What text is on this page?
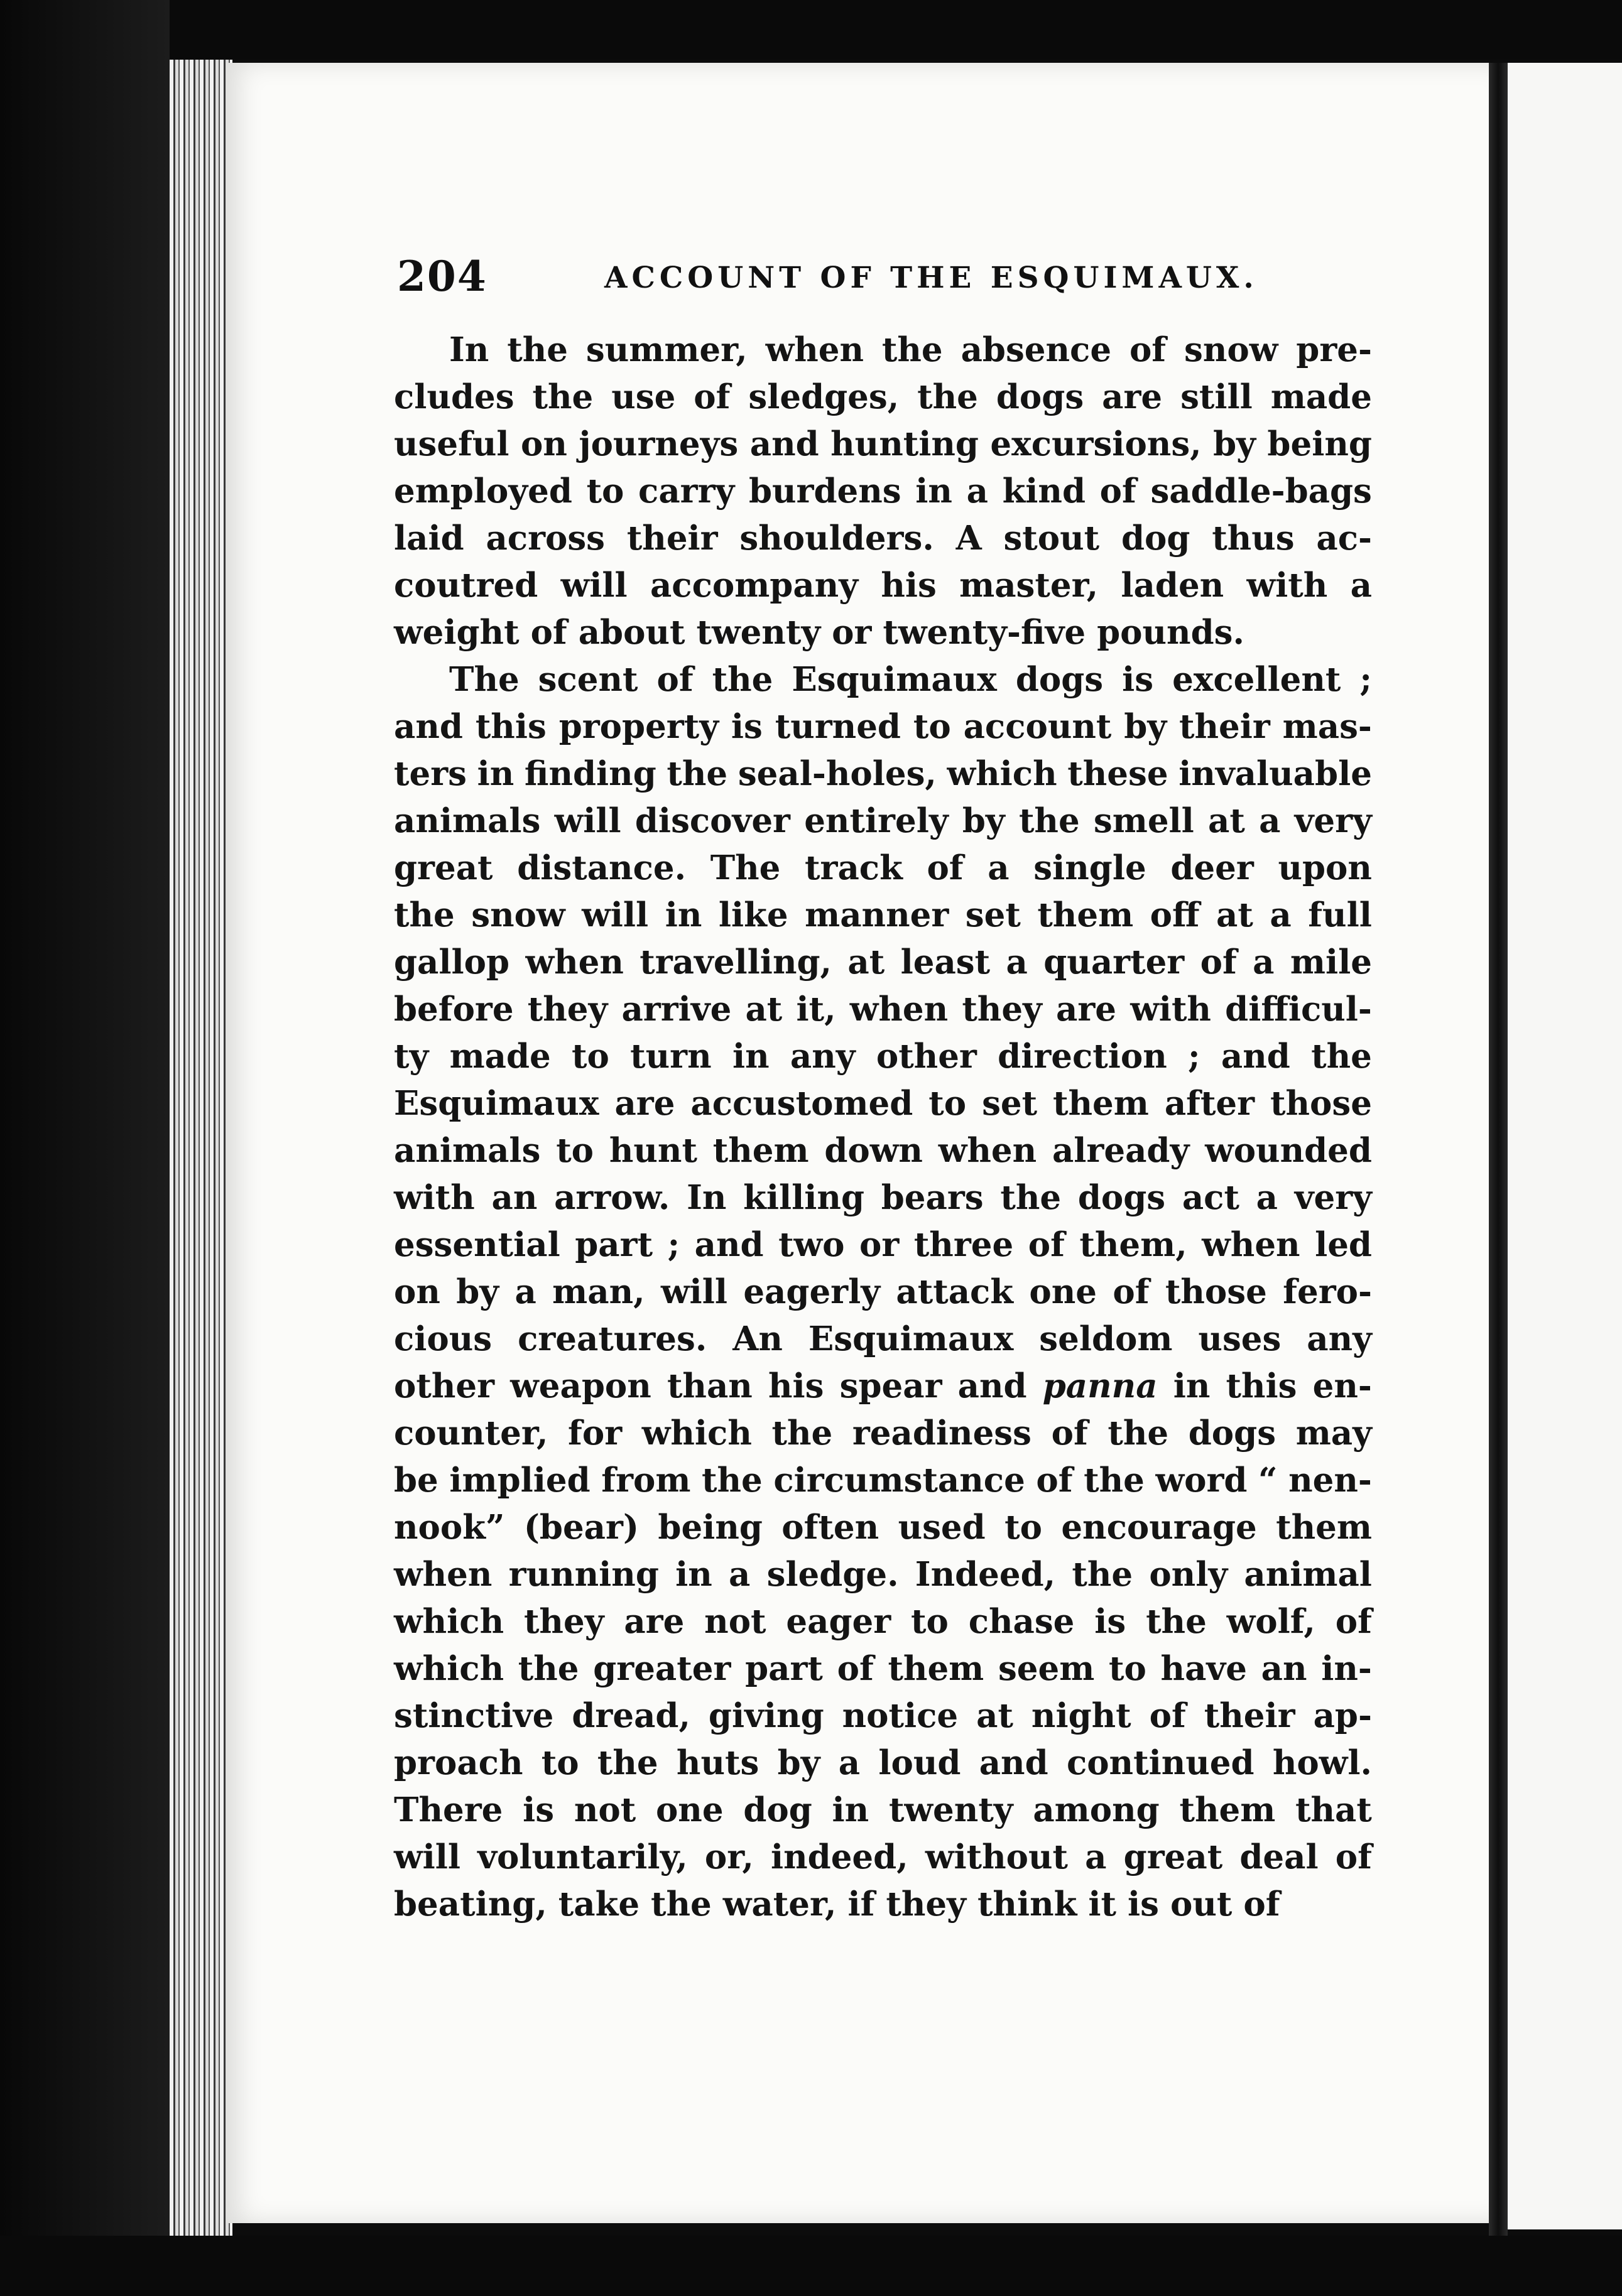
204	ACCOUNT OF THE ESQUIMAUX.
In the summer, when the absence of snow pre-
cludes the use of sledges, the dogs are still made
useful on journeys and hunting excursions, by being
employed to carry burdens in a kind of saddle-bags
laid across their shoulders. A stout dog thus ac-
coutred will accompany his master, laden with a
weight of about twenty or twenty-five pounds.
The scent of the Esquimaux dogs is excellent ;
and this property is turned to account by their mas-
ters in finding the seal-holes, which these invaluable
animals will discover entirely by the smell at a very
great distance. The track of a single deer upon
the snow will in like manner set them off at a full
gallop when travelling, at least a quarter of a mile
before they arrive at it, when they are with difficul-
ty made to turn in any other direction ; and the
Esquimaux are accustomed to set them after those
animals to hunt them down when already wounded
with an arrow. In killing bears the dogs act a very
essential part ; and two or three of them, when led
on by a man, will eagerly attack one of those fero-
cious creatures. An Esquimaux seldom uses any
other weapon than his spear and panna in this en-
counter, for which the readiness of the dogs may
be implied from the circumstance of the word “ nen-
nook” (bear) being often used to encourage them
when running in a sledge. Indeed, the only animal
which they are not eager to chase is the wolf, of
which the greater part of them seem to have an in-
stinctive dread, giving notice at night of their ap-
proach to the huts by a loud and continued howl.
There is not one dog in twenty among them that
will voluntarily, or, indeed, without a great deal of
beating, take the water, if they think it is out of
